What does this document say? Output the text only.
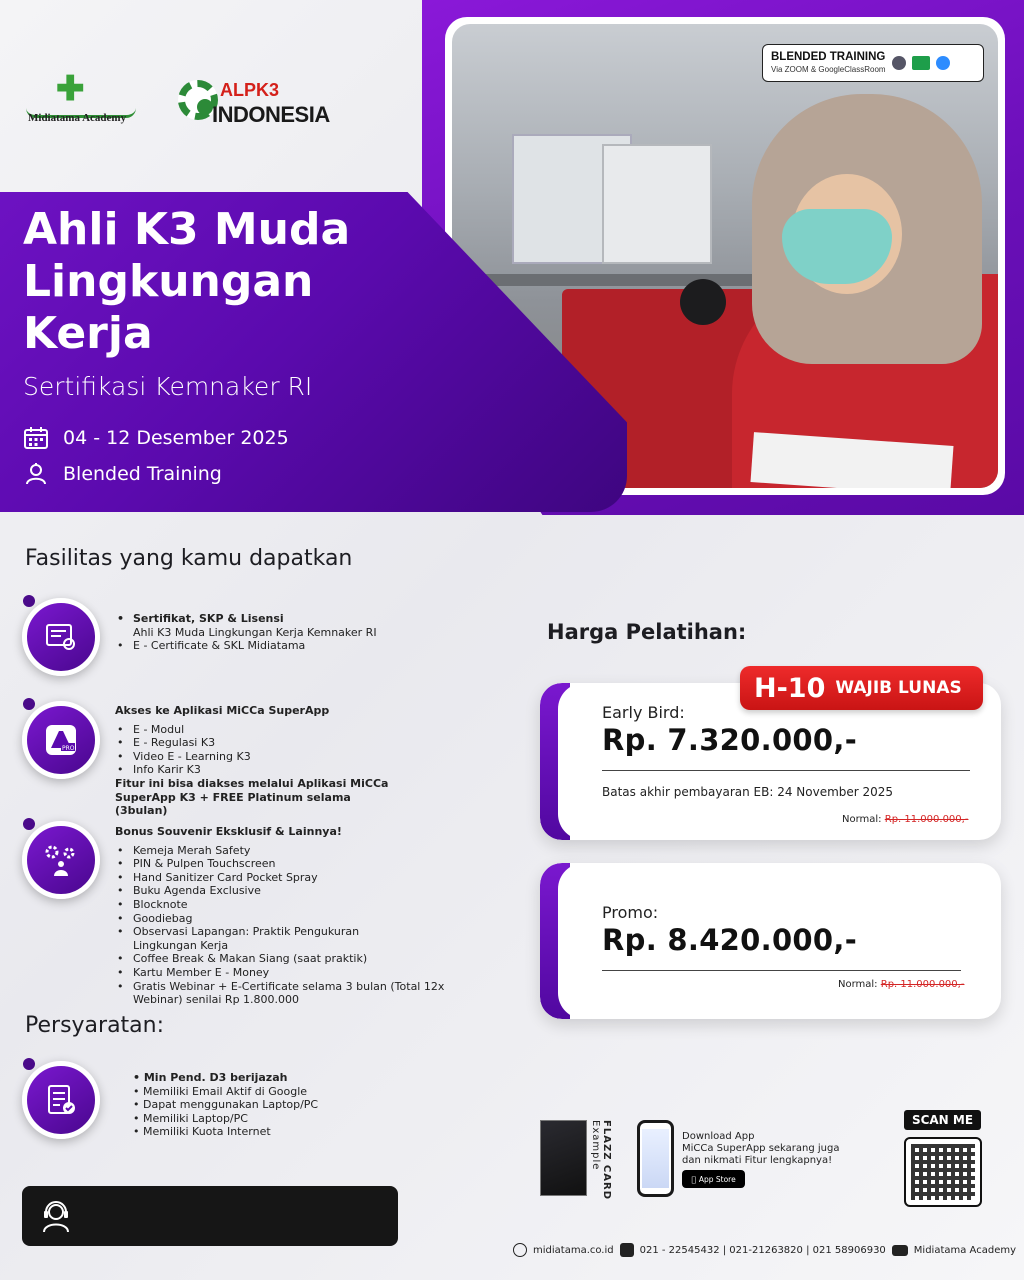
BLENDED TRAINING
Via ZOOM & GoogleClassRoom
✚
Midiatama Academy
ALPK3
INDONESIA
Ahli K3 Muda Lingkungan Kerja
Sertifikasi Kemnaker RI
04 - 12 Desember 2025
Blended Training
Fasilitas yang kamu dapatkan
• Sertifikat, SKP & Lisensi
Ahli K3 Muda Lingkungan Kerja Kemnaker RI
• E - Certificate & SKL Midiatama
PRO
Akses ke Aplikasi MiCCa SuperApp
• E - Modul
• E - Regulasi K3
• Video E - Learning K3
• Info Karir K3
Fitur ini bisa diakses melalui Aplikasi MiCCa SuperApp K3 + FREE Platinum selama (3bulan)
Bonus Souvenir Eksklusif & Lainnya!
• Kemeja Merah Safety
• PIN & Pulpen Touchscreen
• Hand Sanitizer Card Pocket Spray
• Buku Agenda Exclusive
• Blocknote
• Goodiebag
• Observasi Lapangan: Praktik Pengukuran Lingkungan Kerja
• Coffee Break & Makan Siang (saat praktik)
• Kartu Member E - Money
• Gratis Webinar + E-Certificate selama 3 bulan (Total 12x Webinar) senilai Rp 1.800.000
Persyaratan:
• Min Pend. D3 berijazah
• Memiliki Email Aktif di Google
• Dapat menggunakan Laptop/PC
• Memiliki Laptop/PC
• Memiliki Kuota Internet
Harga Pelatihan:
Early Bird:
Rp. 7.320.000,-
Batas akhir pembayaran EB: 24 November 2025
Normal: Rp. 11.000.000,-
H-10 WAJIB LUNAS
Promo:
Rp. 8.420.000,-
Normal: Rp. 11.000.000,-
FLAZZ CARD Example	Download App
MiCCa SuperApp sekarang juga dan nikmati Fitur lengkapnya!
App Store
SCAN ME
midiatama.co.id	021 - 22545432 | 021-21263820 | 021 58906930	Midiatama Academy
